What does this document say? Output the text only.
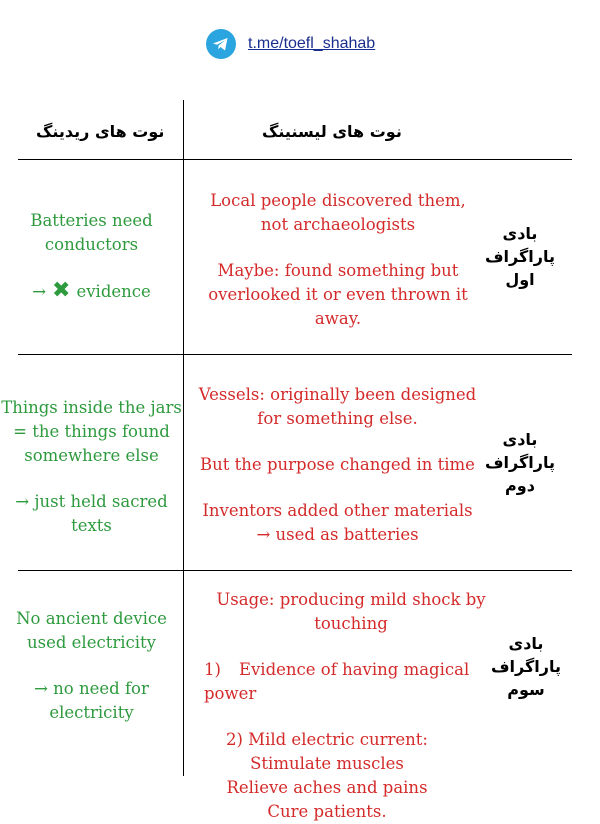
t.me/toefl_shahab
نوت های ریدینگ	نوت های لیسنینگ
Batteries need
conductors
→ ✖ evidence
Local people discovered them,
not archaeologists
Maybe: found something but
overlooked it or even thrown it away.
بادی
پاراگراف
اول
Things inside the jars
= the things found
somewhere else
→ just held sacred
texts
Vessels: originally been designed
for something else.
But the purpose changed in time
Inventors added other materials
→ used as batteries
بادی
پاراگراف
دوم
No ancient device
used electricity
→ no need for
electricity
Usage: producing mild shock by touching
1) Evidence of having magical power
2) Mild electric current:
Stimulate muscles
Relieve aches and pains
Cure patients.
بادی
پاراگراف
سوم
